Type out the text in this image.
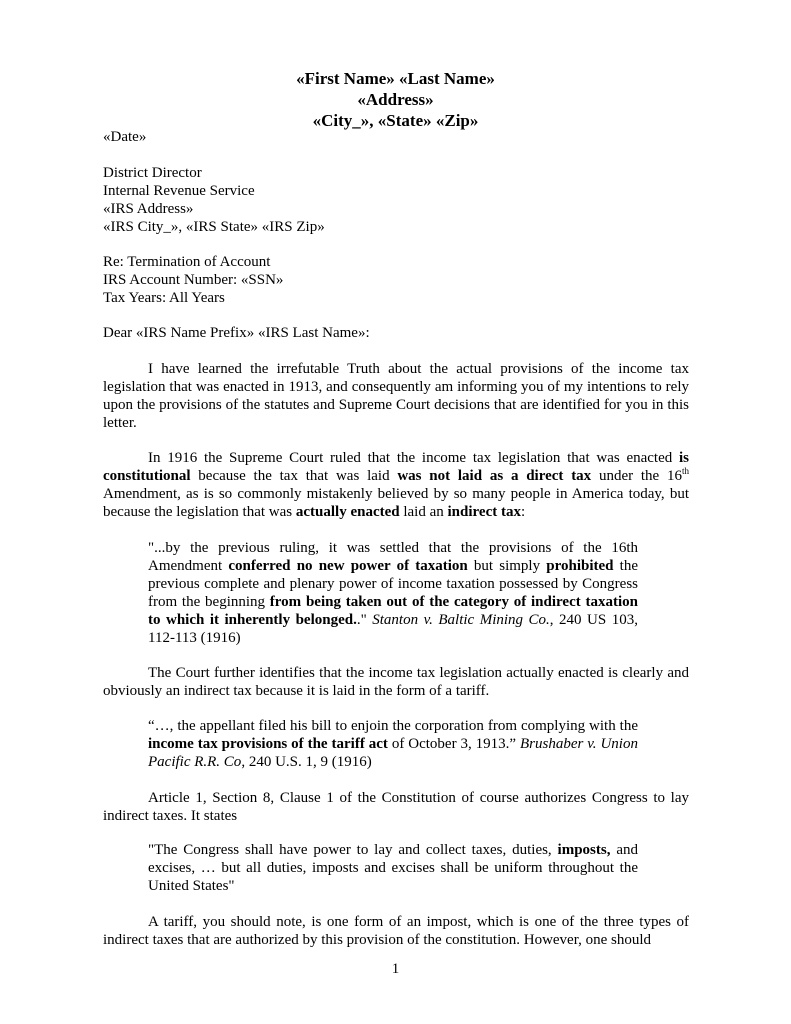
«First Name» «Last Name»
«Address»
«City_», «State» «Zip»
«Date»
District Director
Internal Revenue Service
«IRS Address»
«IRS City_», «IRS State» «IRS Zip»
Re: Termination of Account
IRS Account Number: «SSN»
Tax Years: All Years
Dear «IRS Name Prefix» «IRS Last Name»:
I have learned the irrefutable Truth about the actual provisions of the income tax legislation that was enacted in 1913, and consequently am informing you of my intentions to rely upon the provisions of the statutes and Supreme Court decisions that are identified for you in this letter.
In 1916 the Supreme Court ruled that the income tax legislation that was enacted is constitutional because the tax that was laid was not laid as a direct tax under the 16th Amendment, as is so commonly mistakenly believed by so many people in America today, but because the legislation that was actually enacted laid an indirect tax:
"...by the previous ruling, it was settled that the provisions of the 16th Amendment conferred no new power of taxation but simply prohibited the previous complete and plenary power of income taxation possessed by Congress from the beginning from being taken out of the category of indirect taxation to which it inherently belonged.." Stanton v. Baltic Mining Co., 240 US 103, 112-113 (1916)
The Court further identifies that the income tax legislation actually enacted is clearly and obviously an indirect tax because it is laid in the form of a tariff.
“…, the appellant filed his bill to enjoin the corporation from complying with the income tax provisions of the tariff act of October 3, 1913.” Brushaber v. Union Pacific R.R. Co, 240 U.S. 1, 9 (1916)
Article 1, Section 8, Clause 1 of the Constitution of course authorizes Congress to lay indirect taxes. It states
"The Congress shall have power to lay and collect taxes, duties, imposts, and excises, … but all duties, imposts and excises shall be uniform throughout the United States"
A tariff, you should note, is one form of an impost, which is one of the three types of indirect taxes that are authorized by this provision of the constitution. However, one should
1
